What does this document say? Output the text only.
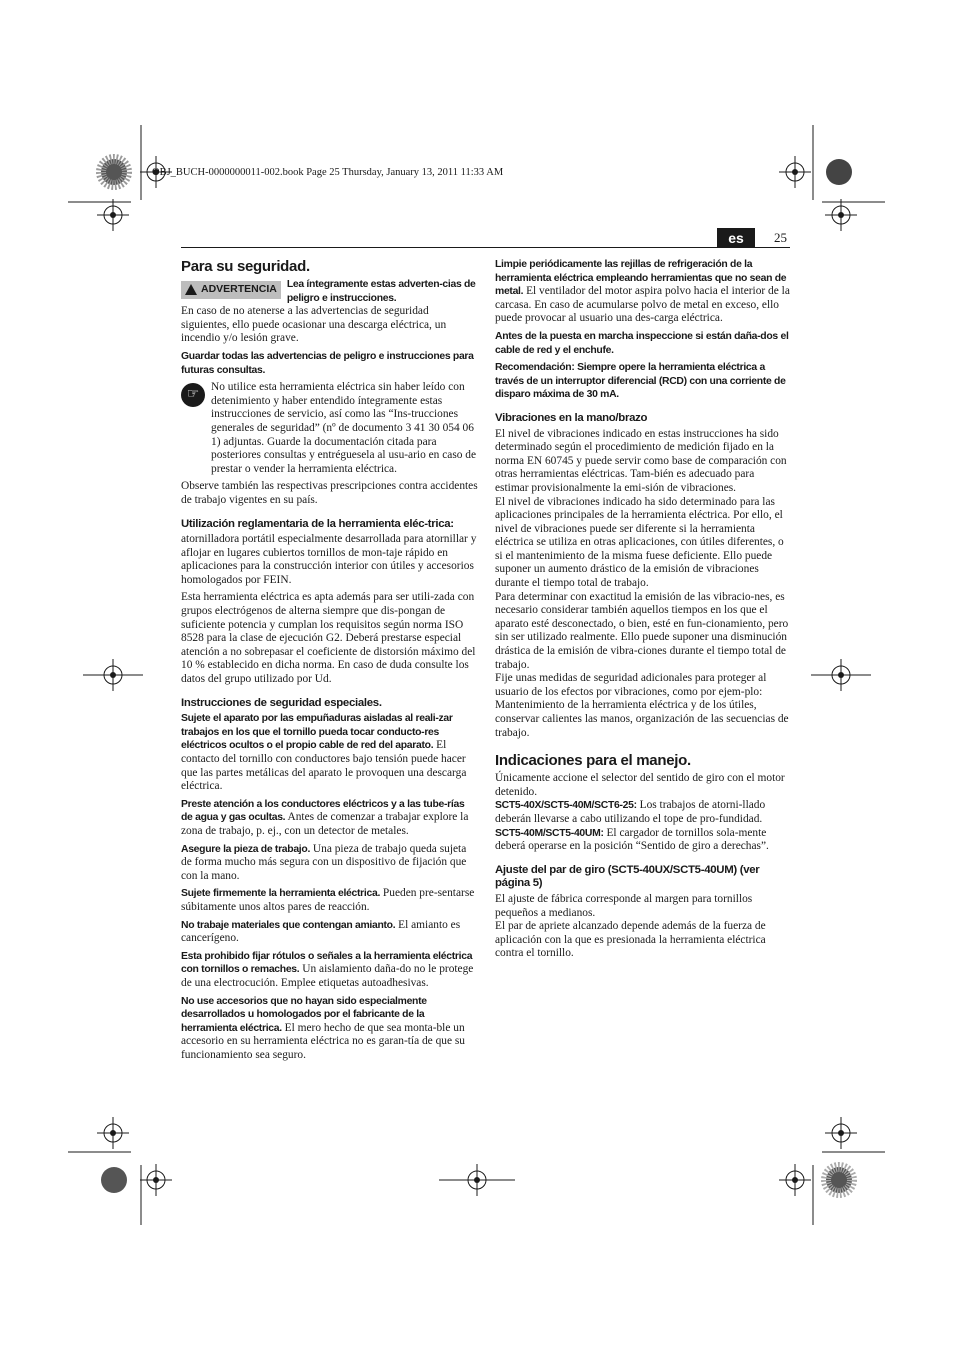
OBJ_BUCH-0000000011-002.book Page 25 Thursday, January 13, 2011 11:33 AM
es	25
Para su seguridad.
ADVERTENCIA Lea íntegramente estas adverten-cias de peligro e instrucciones.

En caso de no atenerse a las advertencias de seguridad siguientes, ello puede ocasionar una descarga eléctrica, un incendio y/o lesión grave.

Guardar todas las advertencias de peligro e instrucciones para futuras consultas.

☞	No utilice esta herramienta eléctrica sin haber leído con detenimiento y haber entendido íntegramente estas instrucciones de servicio, así como las “Ins-trucciones generales de seguridad” (nº de documento 3 41 30 054 06 1) adjuntas. Guarde la documentación citada para posteriores consultas y entréguesela al usu-ario en caso de prestar o vender la herramienta eléctrica.

Observe también las respectivas prescripciones contra accidentes de trabajo vigentes en su país.

Utilización reglamentaria de la herramienta eléc-trica:

atornilladora portátil especialmente desarrollada para atornillar y aflojar en lugares cubiertos tornillos de mon-taje rápido en aplicaciones para la construcción interior con útiles y accesorios homologados por FEIN.

Esta herramienta eléctrica es apta además para ser utili-zada con grupos electrógenos de alterna siempre que dis-pongan de suficiente potencia y cumplan los requisitos según norma ISO 8528 para la clase de ejecución G2. Deberá prestarse especial atención a no sobrepasar el coeficiente de distorsión máximo del 10 % establecido en dicha norma. En caso de duda consulte los datos del grupo utilizado por Ud.

Instrucciones de seguridad especiales.

Sujete el aparato por las empuñaduras aisladas al reali-zar trabajos en los que el tornillo pueda tocar conducto-res eléctricos ocultos o el propio cable de red del aparato. El contacto del tornillo con conductores bajo tensión puede hacer que las partes metálicas del aparato le provoquen una descarga eléctrica.

Preste atención a los conductores eléctricos y a las tube-rías de agua y gas ocultas. Antes de comenzar a trabajar explore la zona de trabajo, p. ej., con un detector de metales.

Asegure la pieza de trabajo. Una pieza de trabajo queda sujeta de forma mucho más segura con un dispositivo de fijación que con la mano.

Sujete firmemente la herramienta eléctrica. Pueden pre-sentarse súbitamente unos altos pares de reacción.

No trabaje materiales que contengan amianto. El amianto es cancerígeno.

Esta prohibido fijar rótulos o señales a la herramienta eléctrica con tornillos o remaches. Un aislamiento daña-do no le protege de una electrocución. Emplee etiquetas autoadhesivas.

No use accesorios que no hayan sido especialmente desarrollados u homologados por el fabricante de la herramienta eléctrica. El mero hecho de que sea monta-ble un accesorio en su herramienta eléctrica no es garan-tía de que su funcionamiento sea seguro.

Limpie periódicamente las rejillas de refrigeración de la herramienta eléctrica empleando herramientas que no sean de metal. El ventilador del motor aspira polvo hacia el interior de la carcasa. En caso de acumularse polvo de metal en exceso, ello puede provocar al usuario una des-carga eléctrica.

Antes de la puesta en marcha inspeccione si están daña-dos el cable de red y el enchufe.

Recomendación: Siempre opere la herramienta eléctrica a través de un interruptor diferencial (RCD) con una corriente de disparo máxima de 30 mA.

Vibraciones en la mano/brazo
El nivel de vibraciones indicado en estas instrucciones ha sido determinado según el procedimiento de medición fijado en la norma EN 60745 y puede servir como base de comparación con otras herramientas eléctricas. Tam-bién es adecuado para estimar provisionalmente la emi-sión de vibraciones.
El nivel de vibraciones indicado ha sido determinado para las aplicaciones principales de la herramienta eléctrica. Por ello, el nivel de vibraciones puede ser diferente si la herramienta eléctrica se utiliza en otras aplicaciones, con útiles diferentes, o si el mantenimiento de la misma fuese deficiente. Ello puede suponer un aumento drástico de la emisión de vibraciones durante el tiempo total de trabajo.
Para determinar con exactitud la emisión de las vibracio-nes, es necesario considerar también aquellos tiempos en los que el aparato esté desconectado, o bien, esté en fun-cionamiento, pero sin ser utilizado realmente. Ello puede suponer una disminución drástica de la emisión de vibra-ciones durante el tiempo total de trabajo.
Fije unas medidas de seguridad adicionales para proteger al usuario de los efectos por vibraciones, como por ejem-plo: Mantenimiento de la herramienta eléctrica y de los útiles, conservar calientes las manos, organización de las secuencias de trabajo.
Indicaciones para el manejo.
Únicamente accione el selector del sentido de giro con el motor detenido.
SCT5-40X/SCT5-40M/SCT6-25: Los trabajos de atorni-llado deberán llevarse a cabo utilizando el tope de pro-fundidad.
SCT5-40M/SCT5-40UM: El cargador de tornillos sola-mente deberá operarse en la posición “Sentido de giro a derechas”.
Ajuste del par de giro (SCT5-40UX/SCT5-40UM) (ver página 5)
El ajuste de fábrica corresponde al margen para tornillos pequeños a medianos.
El par de apriete alcanzado depende además de la fuerza de aplicación con la que es presionada la herramienta eléctrica contra el tornillo.
